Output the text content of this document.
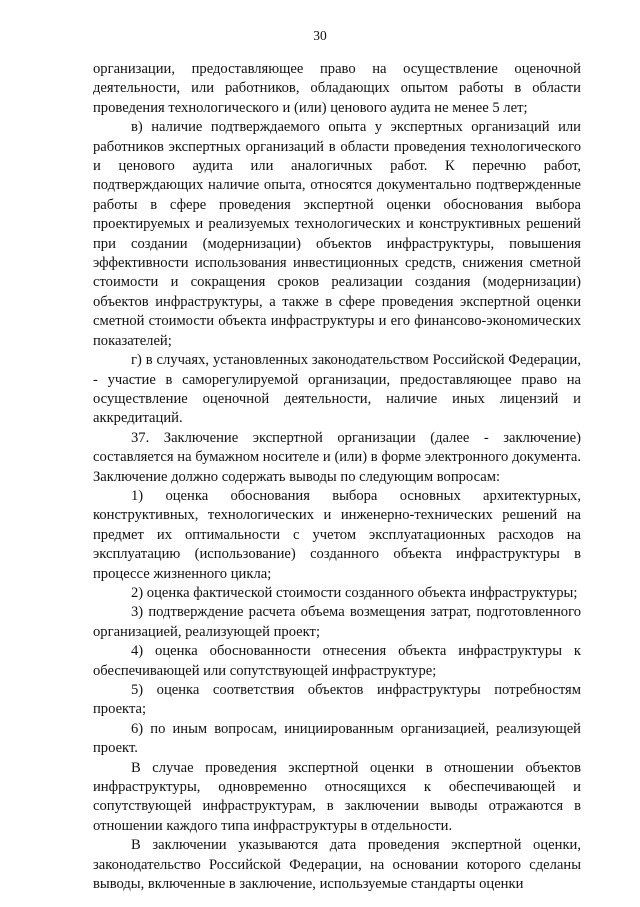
30

организации, предоставляющее право на осуществление оценочной деятельности, или работников, обладающих опытом работы в области проведения технологического и (или) ценового аудита не менее 5 лет;

в) наличие подтверждаемого опыта у экспертных организаций или работников экспертных организаций в области проведения технологического и ценового аудита или аналогичных работ. К перечню работ, подтверждающих наличие опыта, относятся документально подтвержденные работы в сфере проведения экспертной оценки обоснования выбора проектируемых и реализуемых технологических и конструктивных решений при создании (модернизации) объектов инфраструктуры, повышения эффективности использования инвестиционных средств, снижения сметной стоимости и сокращения сроков реализации создания (модернизации) объектов инфраструктуры, а также в сфере проведения экспертной оценки сметной стоимости объекта инфраструктуры и его финансово-экономических показателей;

г) в случаях, установленных законодательством Российской Федерации, - участие в саморегулируемой организации, предоставляющее право на осуществление оценочной деятельности, наличие иных лицензий и аккредитаций.

37. Заключение экспертной организации (далее - заключение) составляется на бумажном носителе и (или) в форме электронного документа. Заключение должно содержать выводы по следующим вопросам:

1) оценка обоснования выбора основных архитектурных, конструктивных, технологических и инженерно-технических решений на предмет их оптимальности с учетом эксплуатационных расходов на эксплуатацию (использование) созданного объекта инфраструктуры в процессе жизненного цикла;

2) оценка фактической стоимости созданного объекта инфраструктуры;

3) подтверждение расчета объема возмещения затрат, подготовленного организацией, реализующей проект;

4) оценка обоснованности отнесения объекта инфраструктуры к обеспечивающей или сопутствующей инфраструктуре;

5) оценка соответствия объектов инфраструктуры потребностям проекта;

6) по иным вопросам, инициированным организацией, реализующей проект.

В случае проведения экспертной оценки в отношении объектов инфраструктуры, одновременно относящихся к обеспечивающей и сопутствующей инфраструктурам, в заключении выводы отражаются в отношении каждого типа инфраструктуры в отдельности.

В заключении указываются дата проведения экспертной оценки, законодательство Российской Федерации, на основании которого сделаны выводы, включенные в заключение, используемые стандарты оценки
